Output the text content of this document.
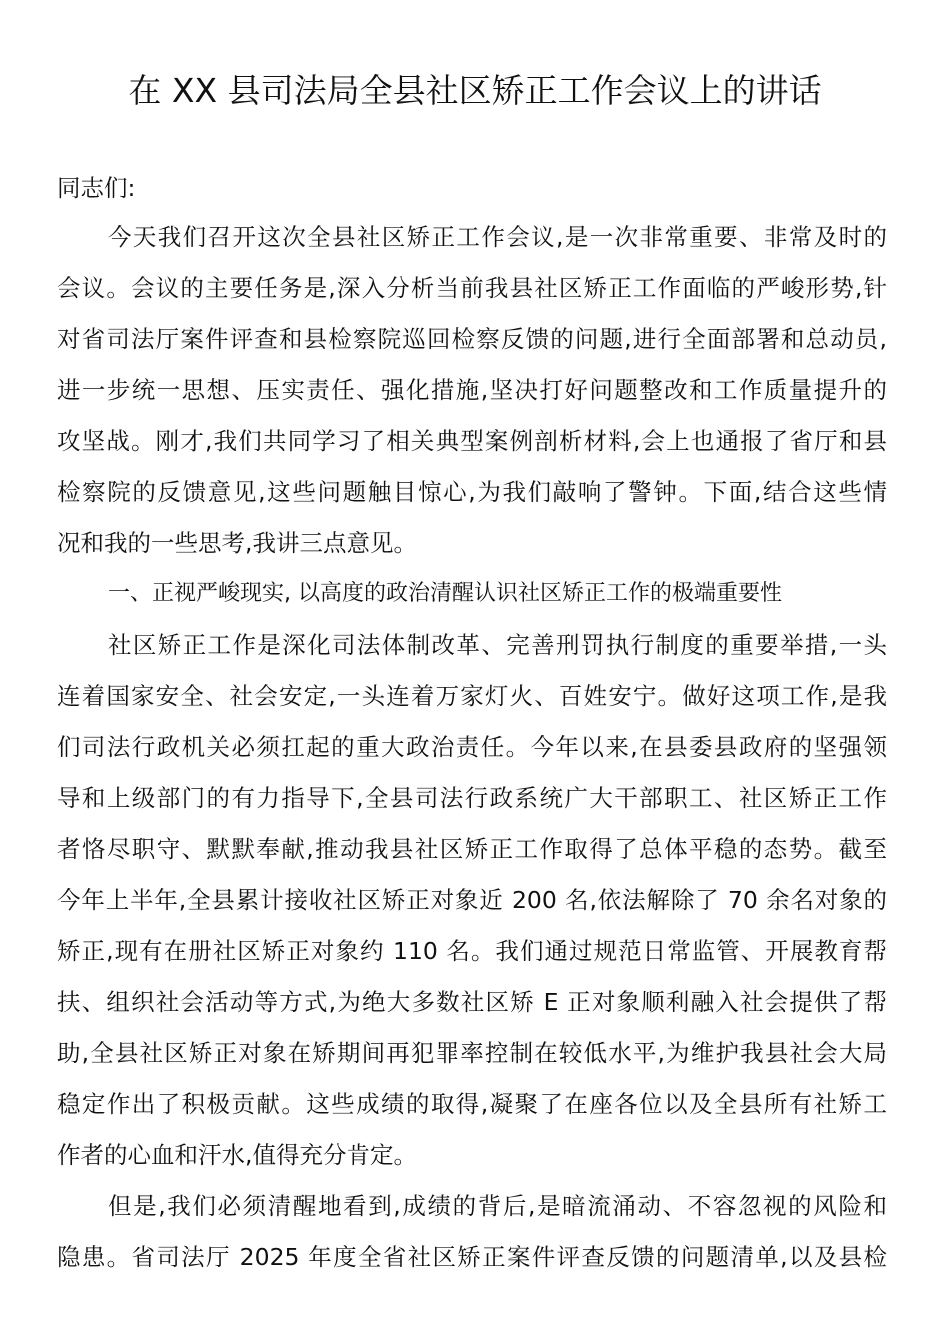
在 XX 县司法局全县社区矫正工作会议上的讲话
同志们:
今天我们召开这次全县社区矫正工作会议,是一次非常重要、非常及时的
会议。会议的主要任务是,深入分析当前我县社区矫正工作面临的严峻形势,针
对省司法厅案件评查和县检察院巡回检察反馈的问题,进行全面部署和总动员,
进一步统一思想、压实责任、强化措施,坚决打好问题整改和工作质量提升的
攻坚战。刚才,我们共同学习了相关典型案例剖析材料,会上也通报了省厅和县
检察院的反馈意见,这些问题触目惊心,为我们敲响了警钟。下面,结合这些情
况和我的一些思考,我讲三点意见。
一、正视严峻现实, 以高度的政治清醒认识社区矫正工作的极端重要性
社区矫正工作是深化司法体制改革、完善刑罚执行制度的重要举措,一头
连着国家安全、社会安定,一头连着万家灯火、百姓安宁。做好这项工作,是我
们司法行政机关必须扛起的重大政治责任。今年以来,在县委县政府的坚强领
导和上级部门的有力指导下,全县司法行政系统广大干部职工、社区矫正工作
者恪尽职守、默默奉献,推动我县社区矫正工作取得了总体平稳的态势。截至
今年上半年,全县累计接收社区矫正对象近 200 名,依法解除了 70 余名对象的
矫正,现有在册社区矫正对象约 110 名。我们通过规范日常监管、开展教育帮
扶、组织社会活动等方式,为绝大多数社区矫 E 正对象顺利融入社会提供了帮
助,全县社区矫正对象在矫期间再犯罪率控制在较低水平,为维护我县社会大局
稳定作出了积极贡献。这些成绩的取得,凝聚了在座各位以及全县所有社矫工
作者的心血和汗水,值得充分肯定。
但是,我们必须清醒地看到,成绩的背后,是暗流涌动、不容忽视的风险和
隐患。省司法厅 2025 年度全省社区矫正案件评查反馈的问题清单,以及县检
